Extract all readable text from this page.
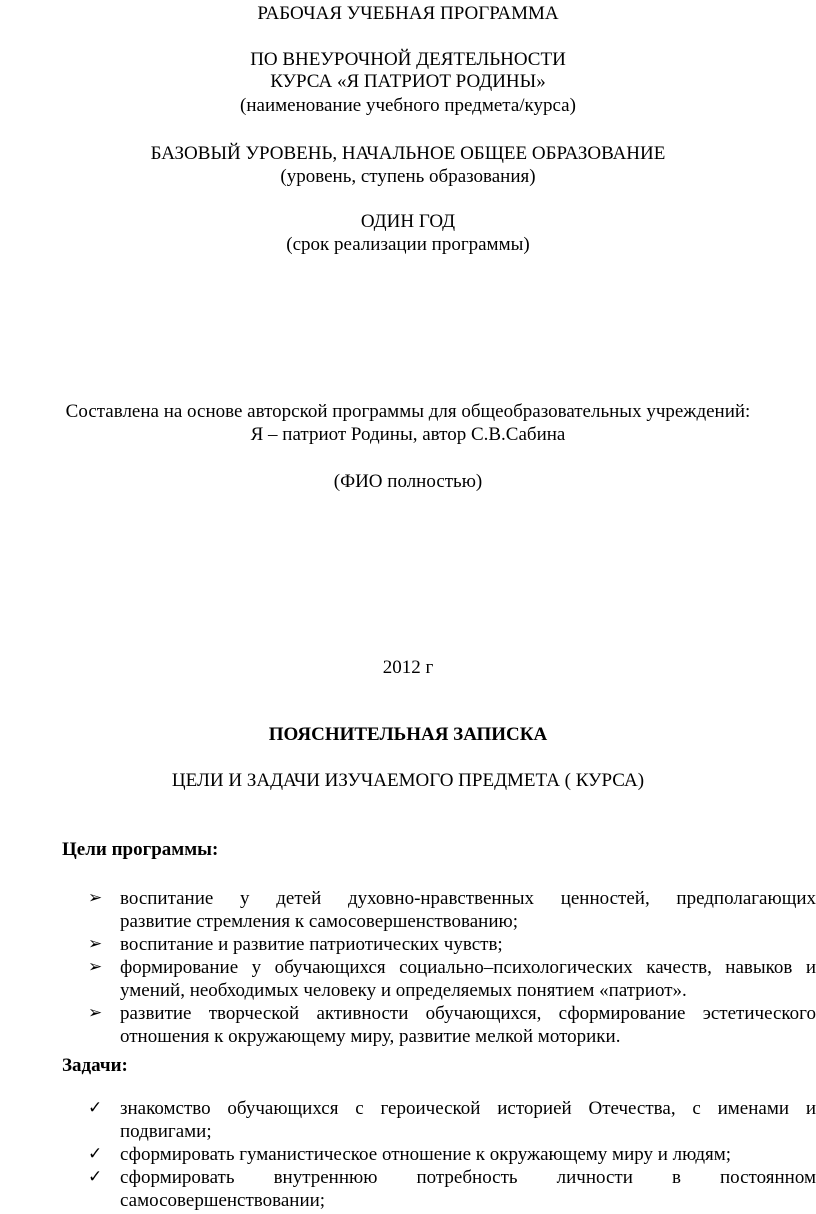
РАБОЧАЯ УЧЕБНАЯ ПРОГРАММА
ПО ВНЕУРОЧНОЙ ДЕЯТЕЛЬНОСТИ
КУРСА «Я ПАТРИОТ РОДИНЫ»
(наименование учебного предмета/курса)
БАЗОВЫЙ УРОВЕНЬ, НАЧАЛЬНОЕ ОБЩЕЕ ОБРАЗОВАНИЕ
(уровень, ступень образования)
ОДИН ГОД
(срок реализации программы)
Составлена на основе авторской программы для общеобразовательных учреждений:
Я – патриот Родины, автор С.В.Сабина
(ФИО полностью)
2012 г
ПОЯСНИТЕЛЬНАЯ ЗАПИСКА
ЦЕЛИ И ЗАДАЧИ ИЗУЧАЕМОГО ПРЕДМЕТА ( КУРСА)
Цели программы:
➢ воспитание у детей духовно-нравственных ценностей, предполагающих
развитие стремления к самосовершенствованию;
➢ воспитание и развитие патриотических чувств;
➢ формирование у обучающихся социально–психологических качеств, навыков и
умений, необходимых человеку и определяемых понятием «патриот».
➢ развитие творческой активности обучающихся, сформирование эстетического
отношения к окружающему миру, развитие мелкой моторики.
Задачи:
✓ знакомство обучающихся с героической историей Отечества, с именами и
подвигами;
✓ сформировать гуманистическое отношение к окружающему миру и людям;
✓ сформировать внутреннюю потребность личности в постоянном
самосовершенствовании;
